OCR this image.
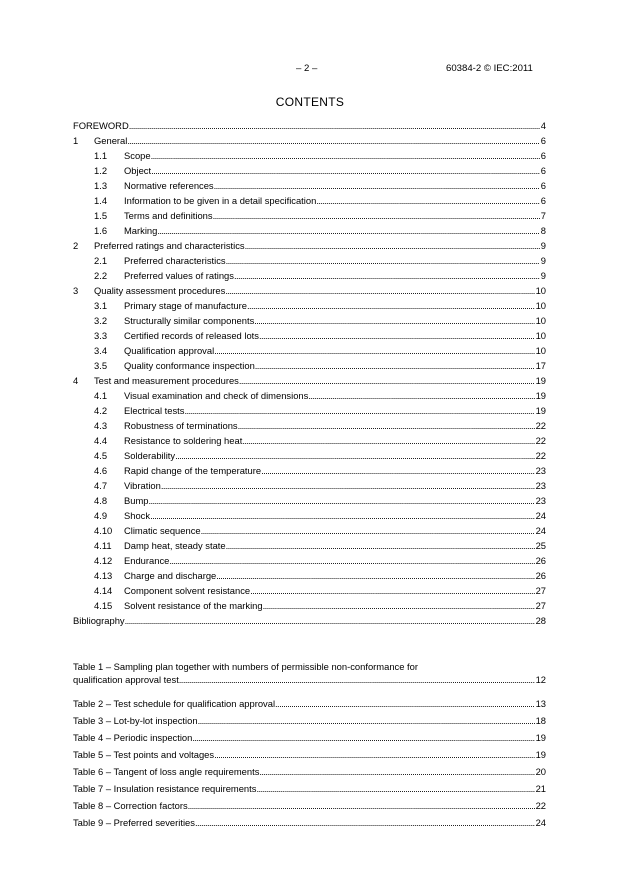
– 2 –	60384-2 © IEC:2011
CONTENTS
FOREWORD . . .	4
1	General . . .	6
1.1	Scope . . .	6
1.2	Object . . .	6
1.3	Normative references . . .	6
1.4	Information to be given in a detail specification . . .	6
1.5	Terms and definitions . . .	7
1.6	Marking . . .	8
2	Preferred ratings and characteristics . . .	9
2.1	Preferred characteristics . . .	9
2.2	Preferred values of ratings . . .	9
3	Quality assessment procedures . . .	10
3.1	Primary stage of manufacture . . .	10
3.2	Structurally similar components . . .	10
3.3	Certified records of released lots . . .	10
3.4	Qualification approval . . .	10
3.5	Quality conformance inspection . . .	17
4	Test and measurement procedures . . .	19
4.1	Visual examination and check of dimensions . . .	19
4.2	Electrical tests . . .	19
4.3	Robustness of terminations . . .	22
4.4	Resistance to soldering heat . . .	22
4.5	Solderability . . .	22
4.6	Rapid change of the temperature . . .	23
4.7	Vibration . . .	23
4.8	Bump . . .	23
4.9	Shock . . .	24
4.10	Climatic sequence . . .	24
4.11	Damp heat, steady state . . .	25
4.12	Endurance . . .	26
4.13	Charge and discharge . . .	26
4.14	Component solvent resistance . . .	27
4.15	Solvent resistance of the marking . . .	27
Bibliography . . .	28
Table 1 – Sampling plan together with numbers of permissible non-conformance for
qualification approval test . . .	12
Table 2 – Test schedule for qualification approval . . .	13
Table 3 – Lot-by-lot inspection . . .	18
Table 4 – Periodic inspection . . .	19
Table 5 – Test points and voltages . . .	19
Table 6 – Tangent of loss angle requirements . . .	20
Table 7 – Insulation resistance requirements . . .	21
Table 8 – Correction factors . . .	22
Table 9 – Preferred severities . . .	24
